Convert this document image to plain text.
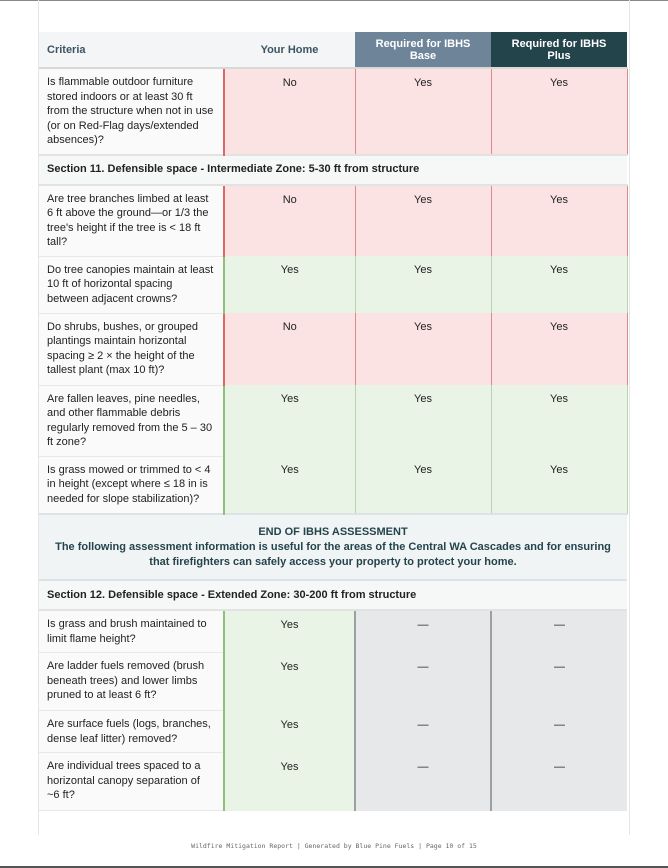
Criteria	Your Home	Required for IBHS Base	Required for IBHS Plus
Is flammable outdoor furniture stored indoors or at least 30 ft from the structure when not in use (or on Red-Flag days/extended absences)?	No	Yes	Yes
Section 11. Defensible space - Intermediate Zone: 5-30 ft from structure			
Are tree branches limbed at least 6 ft above the ground—or 1/3 the tree's height if the tree is < 18 ft tall?	No	Yes	Yes
Do tree canopies maintain at least 10 ft of horizontal spacing between adjacent crowns?	Yes	Yes	Yes
Do shrubs, bushes, or grouped plantings maintain horizontal spacing ≥ 2 × the height of the tallest plant (max 10 ft)?	No	Yes	Yes
Are fallen leaves, pine needles, and other flammable debris regularly removed from the 5 – 30 ft zone?	Yes	Yes	Yes
Is grass mowed or trimmed to < 4 in height (except where ≤ 18 in is needed for slope stabilization)?	Yes	Yes	Yes

END OF IBHS ASSESSMENT
The following assessment information is useful for the areas of the Central WA Cascades and for ensuring that firefighters can safely access your property to protect your home.			

Section 12. Defensible space - Extended Zone: 30-200 ft from structure			
Is grass and brush maintained to limit flame height?	Yes	—	—
Are ladder fuels removed (brush beneath trees) and lower limbs pruned to at least 6 ft?	Yes	—	—
Are surface fuels (logs, branches, dense leaf litter) removed?	Yes	—	—
Are individual trees spaced to a horizontal canopy separation of ~6 ft?	Yes	—	—
Wildfire Mitigation Report | Generated by Blue Pine Fuels | Page 10 of 15
